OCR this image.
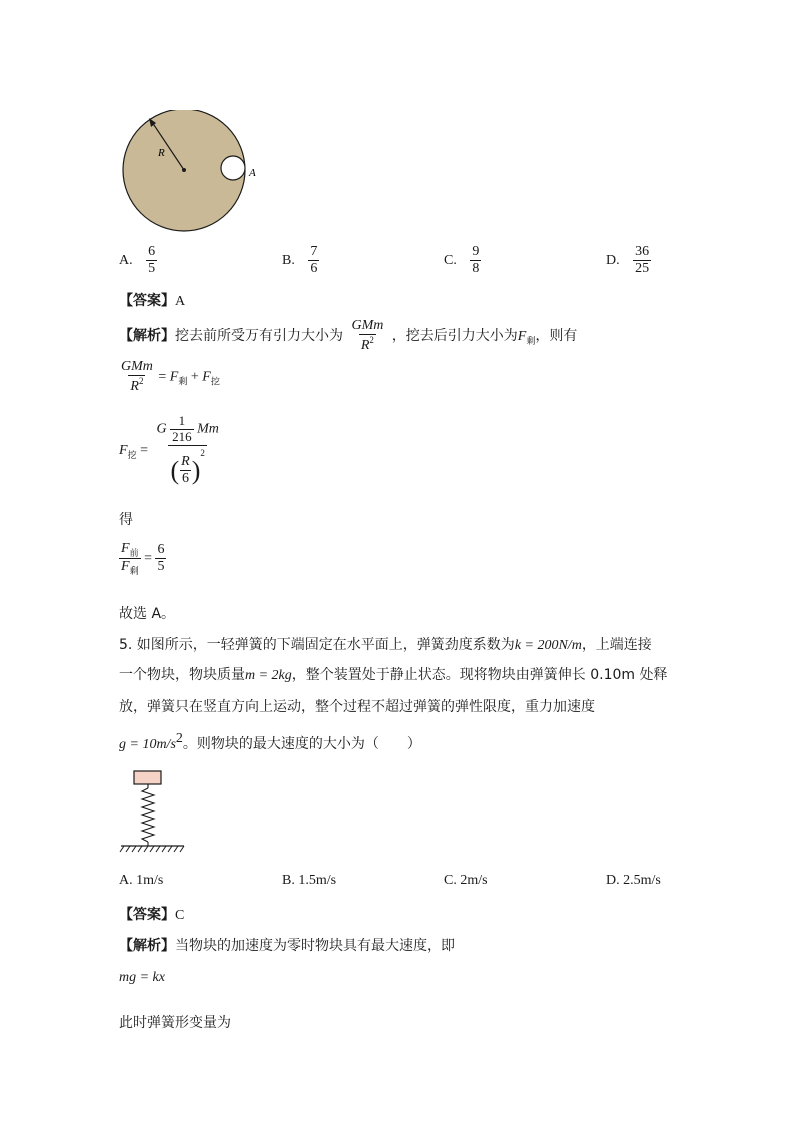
R
A
A. $\frac{6}{5}$	B. $\frac{7}{6}$	C. $\frac{9}{8}$	D. $\frac{36}{25}$
【答案】A
【解析】挖去前所受万有引力大小为 $\frac{\text{GMm}}{R^2}$ ，挖去后引力大小为$F_剩$，则有
$\frac{\text{GMm}}{R^2} = F_剩 + F_挖$
$F_挖 = \frac{G \frac{1}{216} Mm}{( \frac{R}{6} )^2}$
得
$\frac{F_前}{F_剩} = \frac{6}{5}$
故选 A。
5. 如图所示，一轻弹簧的下端固定在水平面上，弹簧劲度系数为k = 200N/m，上端连接
一个物块，物块质量m = 2kg，整个装置处于静止状态。现将物块由弹簧伸长 0.10m 处释
放，弹簧只在竖直方向上运动，整个过程不超过弹簧的弹性限度，重力加速度
g = 10m/s2。则物块的最大速度的大小为（　　）
A. 1m/s	B. 1.5m/s	C. 2m/s	D. 2.5m/s
【答案】C
【解析】当物块的加速度为零时物块具有最大速度，即
mg = kx
此时弹簧形变量为
